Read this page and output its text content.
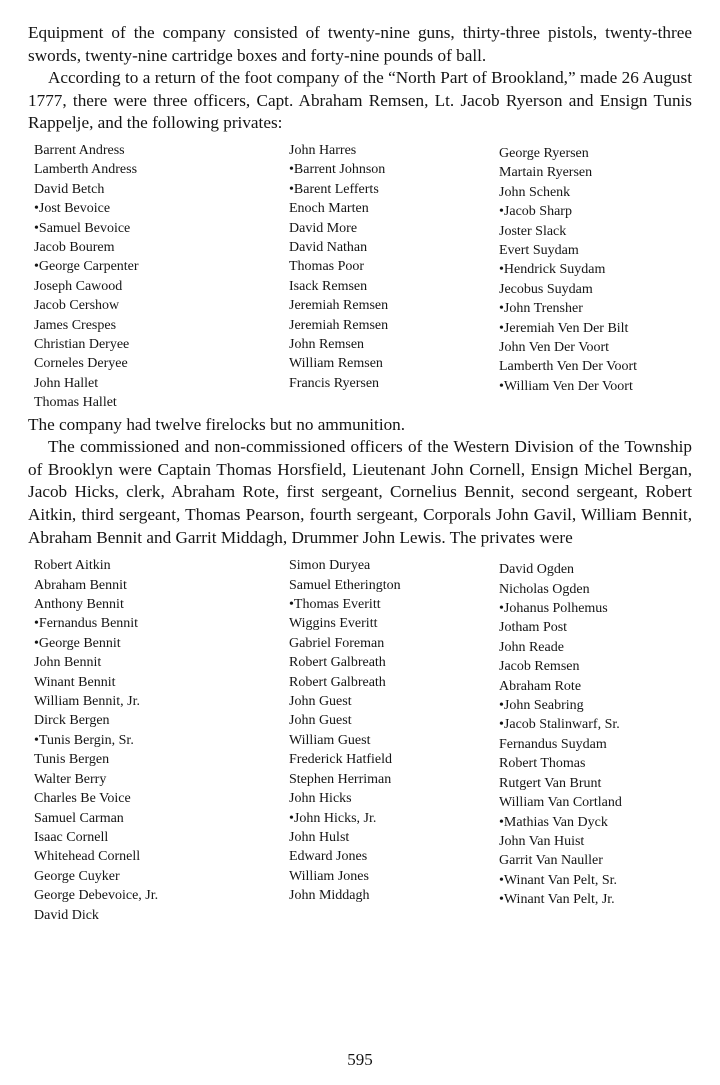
Equipment of the company consisted of twenty-nine guns, thirty-three pistols, twenty-three swords, twenty-nine cartridge boxes and forty-nine pounds of ball.

According to a return of the foot company of the “North Part of Brookland,” made 26 August 1777, there were three officers, Capt. Abraham Remsen, Lt. Jacob Ryerson and Ensign Tunis Rappelje, and the following privates:

Barrent Andress
Lamberth Andress
David Betch
•Jost Bevoice
•Samuel Bevoice
Jacob Bourem
•George Carpenter
Joseph Cawood
Jacob Cershow
James Crespes
Christian Deryee
Corneles Deryee
John Hallet
Thomas Hallet
John Harres
•Barrent Johnson
•Barent Lefferts
Enoch Marten
David More
David Nathan
Thomas Poor
Isack Remsen
Jeremiah Remsen
Jeremiah Remsen
John Remsen
William Remsen
Francis Ryersen
George Ryersen
Martain Ryersen
John Schenk
•Jacob Sharp
Joster Slack
Evert Suydam
•Hendrick Suydam
Jecobus Suydam
•John Trensher
•Jeremiah Ven Der Bilt
John Ven Der Voort
Lamberth Ven Der Voort
•William Ven Der Voort

The company had twelve firelocks but no ammunition.

The commissioned and non-commissioned officers of the Western Division of the Township of Brooklyn were Captain Thomas Horsfield, Lieutenant John Cornell, Ensign Michel Bergan, Jacob Hicks, clerk, Abraham Rote, first sergeant, Cornelius Bennit, second sergeant, Robert Aitkin, third sergeant, Thomas Pearson, fourth sergeant, Corporals John Gavil, William Bennit, Abraham Bennit and Garrit Middagh, Drummer John Lewis. The privates were

Robert Aitkin
Abraham Bennit
Anthony Bennit
•Fernandus Bennit
•George Bennit
John Bennit
Winant Bennit
William Bennit, Jr.
Dirck Bergen
•Tunis Bergin, Sr.
Tunis Bergen
Walter Berry
Charles Be Voice
Samuel Carman
Isaac Cornell
Whitehead Cornell
George Cuyker
George Debevoice, Jr.
David Dick
Simon Duryea
Samuel Etherington
•Thomas Everitt
Wiggins Everitt
Gabriel Foreman
Robert Galbreath
Robert Galbreath
John Guest
John Guest
William Guest
Frederick Hatfield
Stephen Herriman
John Hicks
•John Hicks, Jr.
John Hulst
Edward Jones
William Jones
John Middagh
David Ogden
Nicholas Ogden
•Johanus Polhemus
Jotham Post
John Reade
Jacob Remsen
Abraham Rote
•John Seabring
•Jacob Stalinwarf, Sr.
Fernandus Suydam
Robert Thomas
Rutgert Van Brunt
William Van Cortland
•Mathias Van Dyck
John Van Huist
Garrit Van Nauller
•Winant Van Pelt, Sr.
•Winant Van Pelt, Jr.
595
